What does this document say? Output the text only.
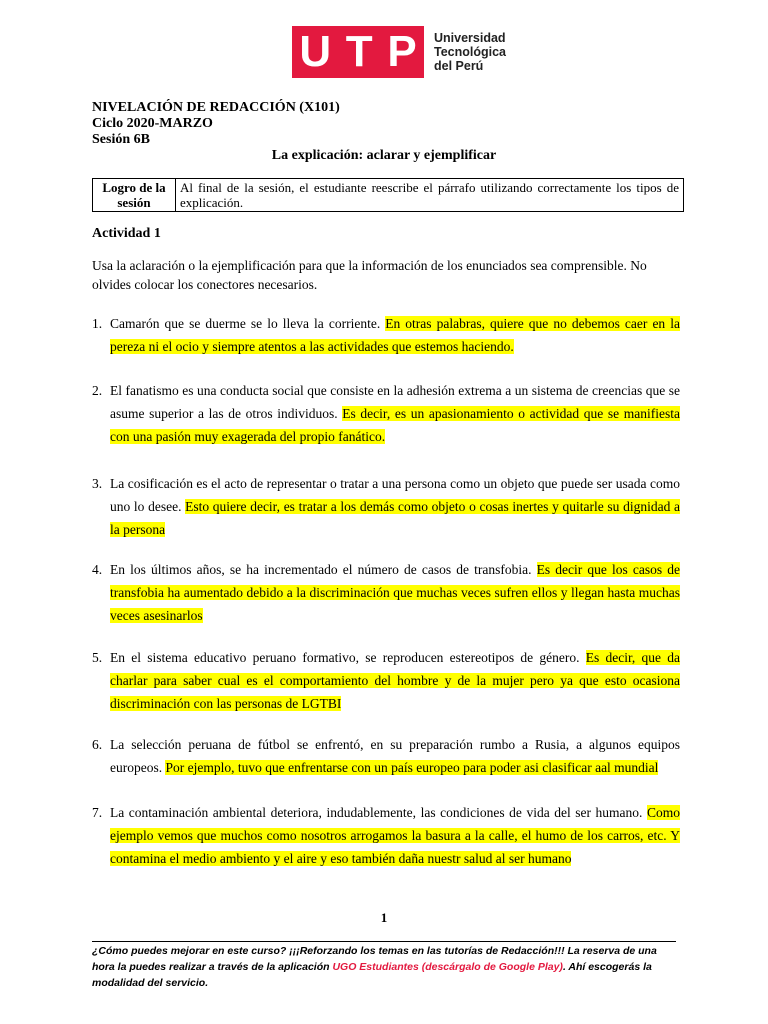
U T P Universidad
Tecnológica
del Perú
NIVELACIÓN DE REDACCIÓN (X101)
Ciclo 2020-MARZO
Sesión 6B
La explicación: aclarar y ejemplificar
Logro de la sesión	Al final de la sesión, el estudiante reescribe el párrafo utilizando correctamente los tipos de explicación.
Actividad 1
Usa la aclaración o la ejemplificación para que la información de los enunciados sea comprensible. No olvides colocar los conectores necesarios.
1. Camarón que se duerme se lo lleva la corriente. En otras palabras, quiere que no debemos caer en la pereza ni el ocio y siempre atentos a las actividades que estemos haciendo.
2. El fanatismo es una conducta social que consiste en la adhesión extrema a un sistema de creencias que se asume superior a las de otros individuos. Es decir, es un apasionamiento o actividad que se manifiesta con una pasión muy exagerada del propio fanático.
3. La cosificación es el acto de representar o tratar a una persona como un objeto que puede ser usada como uno lo desee. Esto quiere decir, es tratar a los demás como objeto o cosas inertes y quitarle su dignidad a la persona
4. En los últimos años, se ha incrementado el número de casos de transfobia. Es decir que los casos de transfobia ha aumentado debido a la discriminación que muchas veces sufren ellos y llegan hasta muchas veces asesinarlos
5. En el sistema educativo peruano formativo, se reproducen estereotipos de género. Es decir, que da charlar para saber cual es el comportamiento del hombre y de la mujer pero ya que esto ocasiona discriminación con las personas de LGTBI
6. La selección peruana de fútbol se enfrentó, en su preparación rumbo a Rusia, a algunos equipos europeos. Por ejemplo, tuvo que enfrentarse con un país europeo para poder asi clasificar aal mundial
7. La contaminación ambiental deteriora, indudablemente, las condiciones de vida del ser humano. Como ejemplo vemos que muchos como nosotros arrogamos la basura a la calle, el humo de los carros, etc. Y contamina el medio ambiento y el aire y eso también daña nuestr salud al ser humano
1
¿Cómo puedes mejorar en este curso? ¡¡¡Reforzando los temas en las tutorías de Redacción!!! La reserva de una hora la puedes realizar a través de la aplicación UGO Estudiantes (descárgalo de Google Play). Ahí escogerás la modalidad del servicio.
